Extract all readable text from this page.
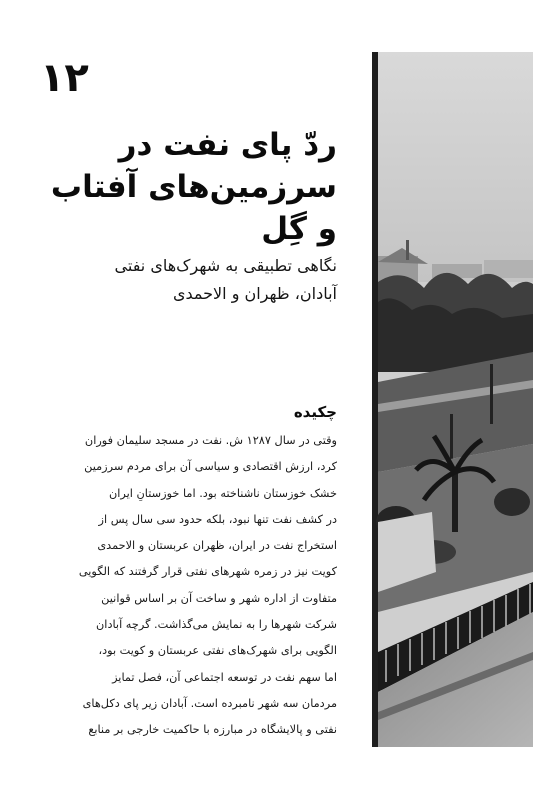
۱۲
ردّ پای نفت در
سرزمین‌های آفتاب
و گِل
نگاهی تطبیقی به شهرک‌های نفتی
آبادان، ظهران و الاحمدی
چکیده
وقتی در سال ۱۲۸۷ ش. نفت در مسجد سلیمان فوران
کرد، ارزش اقتصادی و سیاسی آن برای مردم سرزمین
خشک خوزستان ناشناخته بود. اما خوزستانِ ایران
در کشف نفت تنها نبود، بلکه حدود سی سال پس از
استخراج نفت در ایران، ظهران عربستان و الاحمدی
کویت نیز در زمره شهرهای نفتی قرار گرفتند که الگویی
متفاوت از اداره شهر و ساخت آن بر اساس قوانین
شرکت‌ شهرها را به نمایش می‌گذاشت. گرچه آبادان
الگویی برای شهرک‌های نفتی عربستان و کویت بود،
اما سهم نفت در توسعه اجتماعی آن، فصل تمایز
مردمان سه شهر نامبرده است. آبادان زیر پای دکل‌های
نفتی و پالایشگاه در مبارزه با حاکمیت خارجی بر منابع
